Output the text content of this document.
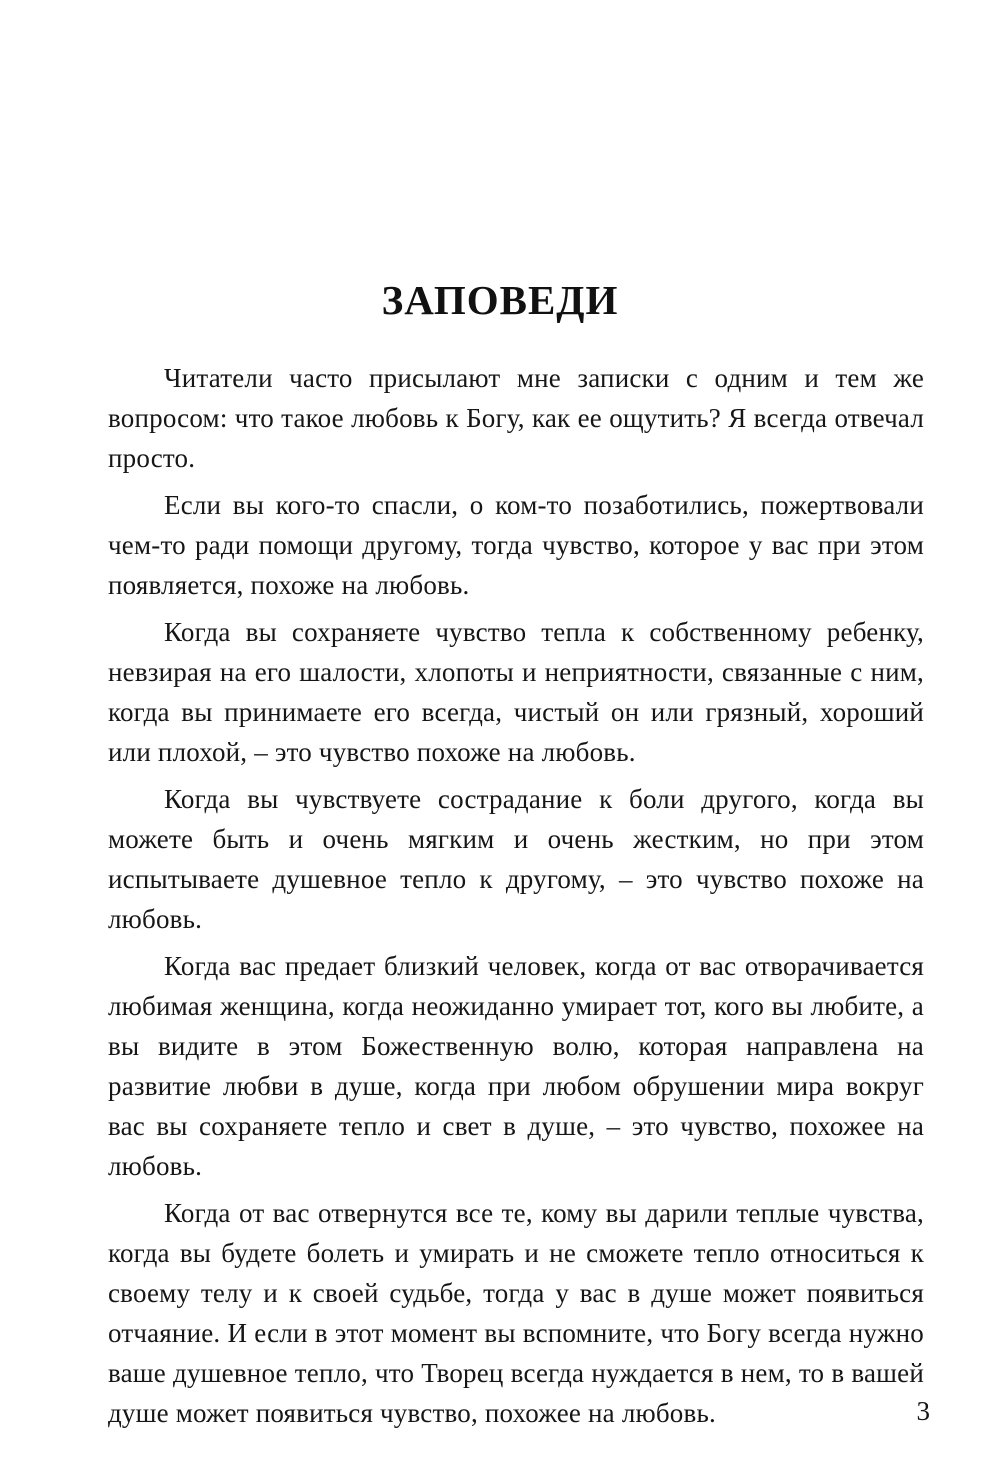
ЗАПОВЕДИ

Читатели часто присылают мне записки с одним и тем же вопросом: что такое любовь к Богу, как ее ощутить? Я всегда отвечал просто.

Если вы кого-то спасли, о ком-то позаботились, пожертвовали чем-то ради помощи другому, тогда чувство, которое у вас при этом появляется, похоже на любовь.

Когда вы сохраняете чувство тепла к собственному ребенку, невзирая на его шалости, хлопоты и неприятности, связанные с ним, когда вы принимаете его всегда, чистый он или грязный, хороший или плохой, – это чувство похоже на любовь.

Когда вы чувствуете сострадание к боли другого, когда вы можете быть и очень мягким и очень жестким, но при этом испытываете душевное тепло к другому, – это чувство похоже на любовь.

Когда вас предает близкий человек, когда от вас отворачивается любимая женщина, когда неожиданно умирает тот, кого вы любите, а вы видите в этом Божественную волю, которая направлена на развитие любви в душе, когда при любом обрушении мира вокруг вас вы сохраняете тепло и свет в душе, – это чувство, похожее на любовь.

Когда от вас отвернутся все те, кому вы дарили теплые чувства, когда вы будете болеть и умирать и не сможете тепло относиться к своему телу и к своей судьбе, тогда у вас в душе может появиться отчаяние. И если в этот момент вы вспомните, что Богу всегда нужно ваше душевное тепло, что Творец всегда нуждается в нем, то в вашей душе может появиться чувство, похожее на любовь.	3
